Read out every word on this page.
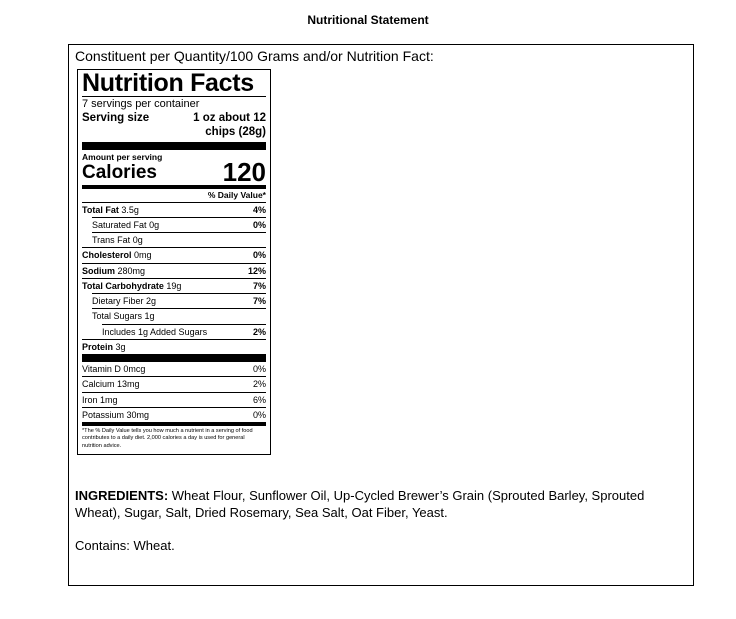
Nutritional Statement
Constituent per Quantity/100 Grams and/or Nutrition Fact:
Nutrition Facts
7 servings per container
Serving size	1 oz about 12
chips (28g)
Amount per serving
Calories	120
% Daily Value*
Total Fat 3.5g	4%
Saturated Fat 0g	0%
Trans Fat 0g
Cholesterol 0mg	0%
Sodium 280mg	12%
Total Carbohydrate 19g	7%
Dietary Fiber 2g	7%
Total Sugars 1g
Includes 1g Added Sugars	2%
Protein 3g
Vitamin D 0mcg	0%
Calcium 13mg	2%
Iron 1mg	6%
Potassium 30mg	0%
*The % Daily Value tells you how much a nutrient in a serving of food contributes to a daily diet. 2,000 calories a day is used for general nutrition advice.
INGREDIENTS: Wheat Flour, Sunflower Oil, Up-Cycled Brewer’s Grain (Sprouted Barley, Sprouted Wheat), Sugar, Salt, Dried Rosemary, Sea Salt, Oat Fiber, Yeast.
Contains: Wheat.
